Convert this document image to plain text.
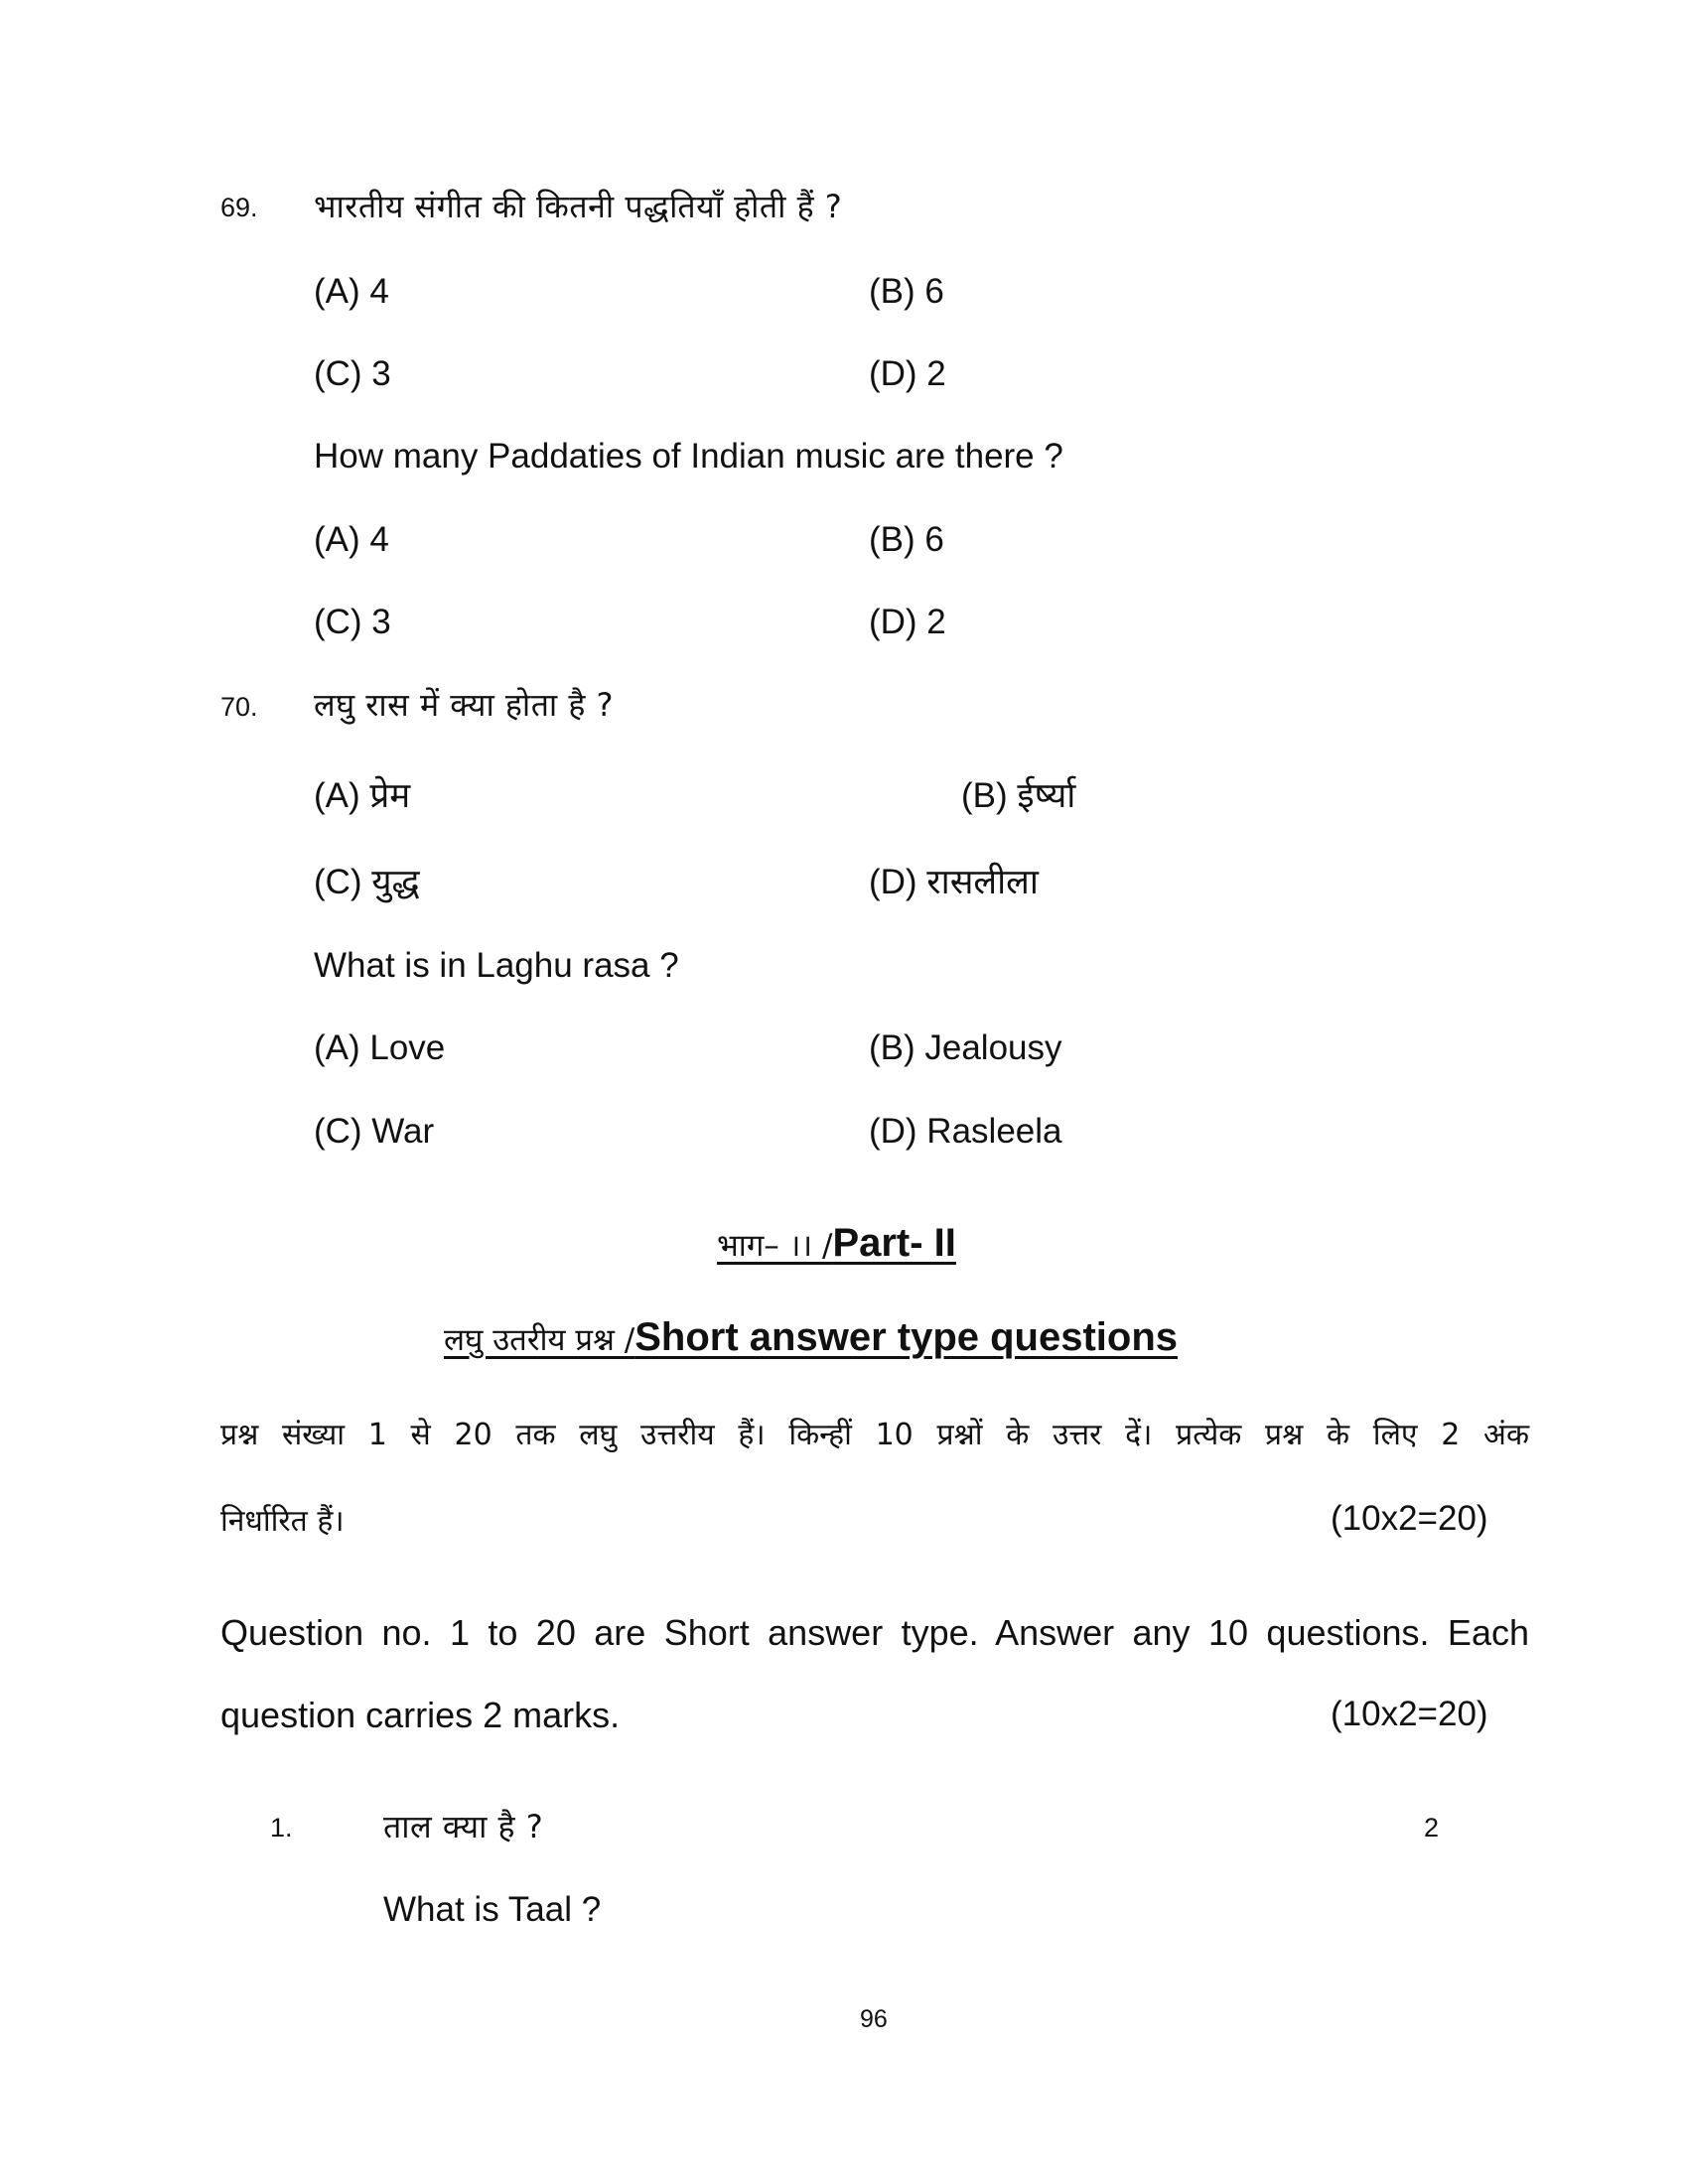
69. भारतीय संगीत की कितनी पद्धतियाँ होती हैं ?
(A) 4	(B) 6
(C) 3	(D) 2
How many Paddaties of Indian music are there ?
(A) 4	(B) 6
(C) 3	(D) 2
70. लघु रास में क्या होता है ?
(A) प्रेम	(B) ईर्ष्या
(C) युद्ध	(D) रासलीला
What is in Laghu rasa ?
(A) Love	(B) Jealousy
(C) War	(D) Rasleela
भाग– ।। /Part- II
लघु उतरीय प्रश्न /Short answer type questions
प्रश्न संख्या 1 से 20 तक लघु उत्तरीय हैं। किन्हीं 10 प्रश्नों के उत्तर दें। प्रत्येक प्रश्न के लिए 2 अंक
निर्धारित हैं।	(10x2=20)
Question no. 1 to 20 are Short answer type. Answer any 10 questions. Each
question carries 2 marks.	(10x2=20)
1.	ताल क्या है ?	2
What is Taal ?
96
